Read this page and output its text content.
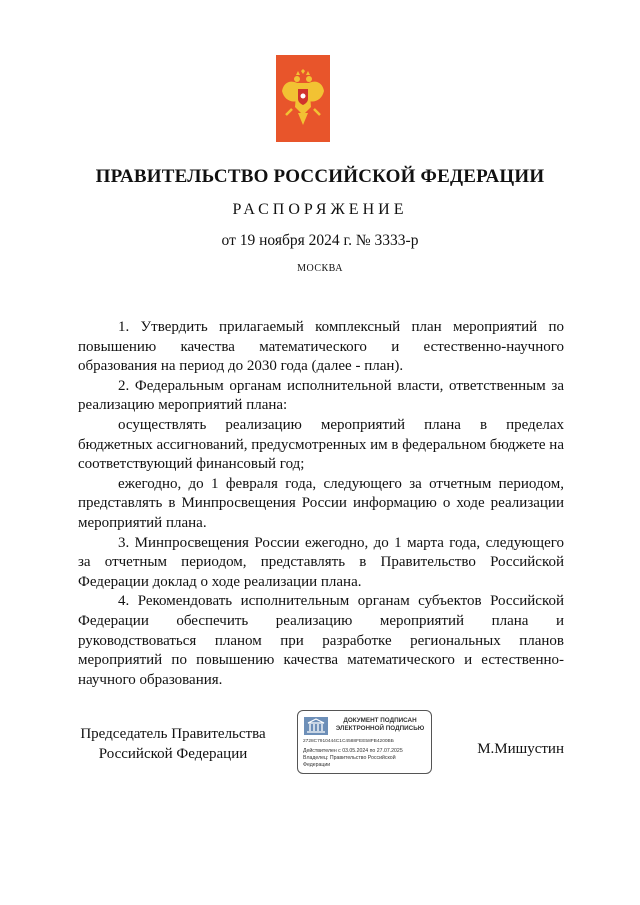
ПРАВИТЕЛЬСТВО РОССИЙСКОЙ ФЕДЕРАЦИИ
РАСПОРЯЖЕНИЕ
от 19 ноября 2024 г. № 3333-р
МОСКВА

1. Утвердить прилагаемый комплексный план мероприятий по повышению качества математического и естественно-научного образования на период до 2030 года (далее - план).

2. Федеральным органам исполнительной власти, ответственным за реализацию мероприятий плана:

осуществлять реализацию мероприятий плана в пределах бюджетных ассигнований, предусмотренных им в федеральном бюджете на соответствующий финансовый год;

ежегодно, до 1 февраля года, следующего за отчетным периодом, представлять в Минпросвещения России информацию о ходе реализации мероприятий плана.

3. Минпросвещения России ежегодно, до 1 марта года, следующего за отчетным периодом, представлять в Правительство Российской Федерации доклад о ходе реализации плана.

4. Рекомендовать исполнительным органам субъектов Российской Федерации обеспечить реализацию мероприятий плана и руководствоваться планом при разработке региональных планов мероприятий по повышению качества математического и естественно-научного образования.

Председатель Правительства
Российской Федерации
ДОКУМЕНТ ПОДПИСАН
ЭЛЕКТРОННОЙ ПОДПИСЬЮ
2728C7910444C1C4588FEE58FB4200ВБ
Действителен с 03.05.2024 по 27.07.2025
Владелец: Правительство Российской
Федерации
М.Мишустин
